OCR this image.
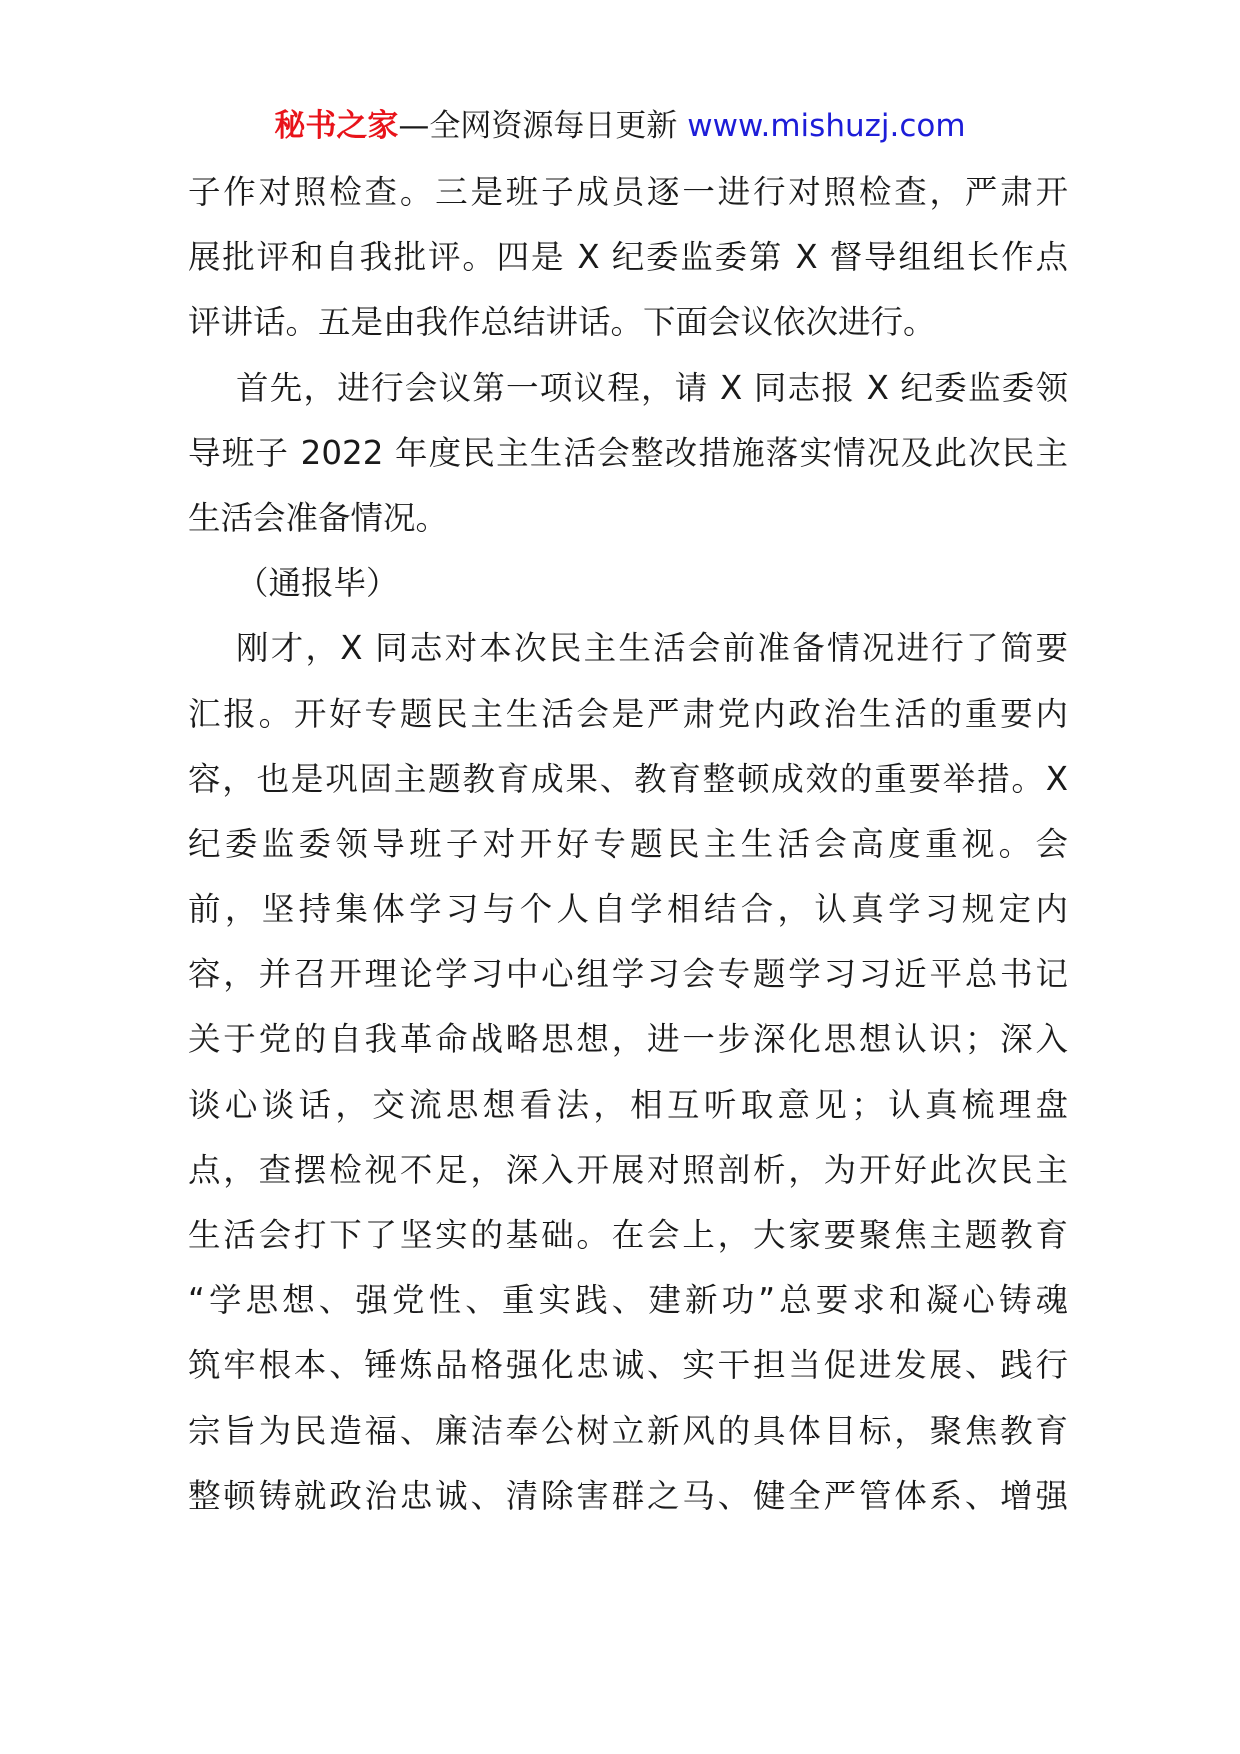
秘书之家—全网资源每日更新 www.mishuzj.com
子作对照检查。三是班子成员逐一进行对照检查，严肃开
展批评和自我批评。四是 X 纪委监委第 X 督导组组长作点
评讲话。五是由我作总结讲话。下面会议依次进行。
首先，进行会议第一项议程，请 X 同志报 X 纪委监委领
导班子 2022 年度民主生活会整改措施落实情况及此次民主
生活会准备情况。
（通报毕）
刚才，X 同志对本次民主生活会前准备情况进行了简要
汇报。开好专题民主生活会是严肃党内政治生活的重要内
容，也是巩固主题教育成果、教育整顿成效的重要举措。X
纪委监委领导班子对开好专题民主生活会高度重视。会
前，坚持集体学习与个人自学相结合，认真学习规定内
容，并召开理论学习中心组学习会专题学习习近平总书记
关于党的自我革命战略思想，进一步深化思想认识；深入
谈心谈话，交流思想看法，相互听取意见；认真梳理盘
点，查摆检视不足，深入开展对照剖析，为开好此次民主
生活会打下了坚实的基础。在会上，大家要聚焦主题教育
“学思想、强党性、重实践、建新功”总要求和凝心铸魂
筑牢根本、锤炼品格强化忠诚、实干担当促进发展、践行
宗旨为民造福、廉洁奉公树立新风的具体目标，聚焦教育
整顿铸就政治忠诚、清除害群之马、健全严管体系、增强
